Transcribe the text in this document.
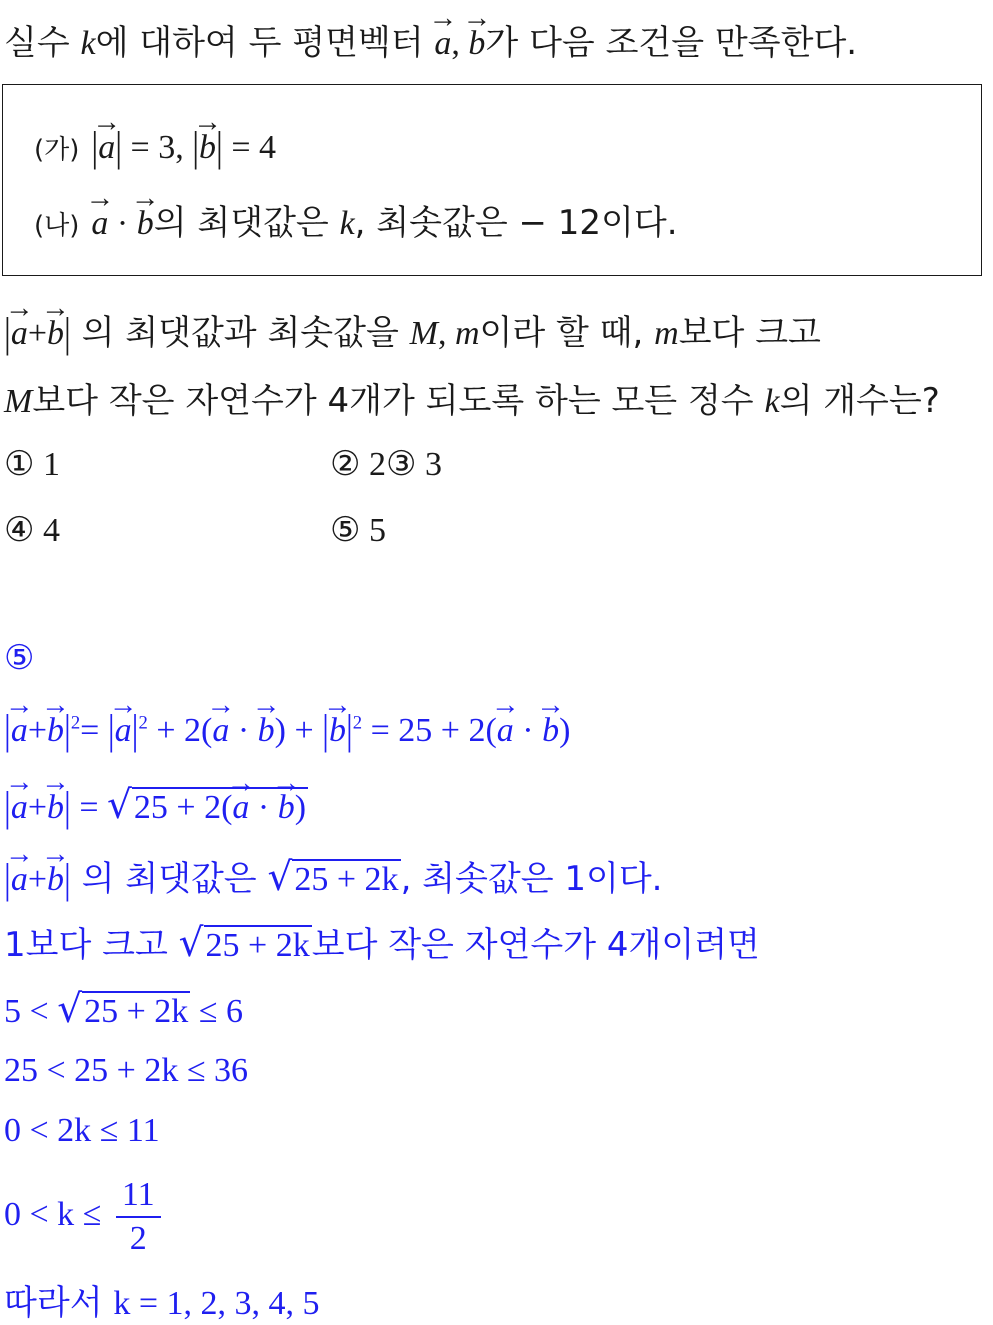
실수 k에 대하여 두 평면벡터 → a, → b가 다음 조건을 만족한다.
(가) |→ a| = 3, |→ b| = 4
(나)→ a · → b의 최댓값은 k, 최솟값은 − 12이다.
|→ a+→ b| 의 최댓값과 최솟값을 M, m이라 할 때, m보다 크고
M보다 작은 자연수가 4개가 되도록 하는 모든 정수 k의 개수는?
① 1	② 2③ 3
④ 4	⑤ 5
⑤
|→ $a+\to b|^2=$ |→ $a|^2 + 2(\to a$ · → b) + |→ $b|^2 = 25 + 2(\to a$ · → b)
|→ a+→ b| = √ 25 + 2(→ a · → b)
|→ a+→ b| 의 최댓값은 √ 25 + 2k , 최솟값은 1이다.
1보다 크고 √ 25 + 2k 보다 작은 자연수가 4개이려면
5 < √ 25 + 2k ≤ 6
25 < 25 + 2k ≤ 36
0 < 2k ≤ 11
$0 < k \le \frac{11}{2}$
따라서 k = 1, 2, 3, 4, 5
